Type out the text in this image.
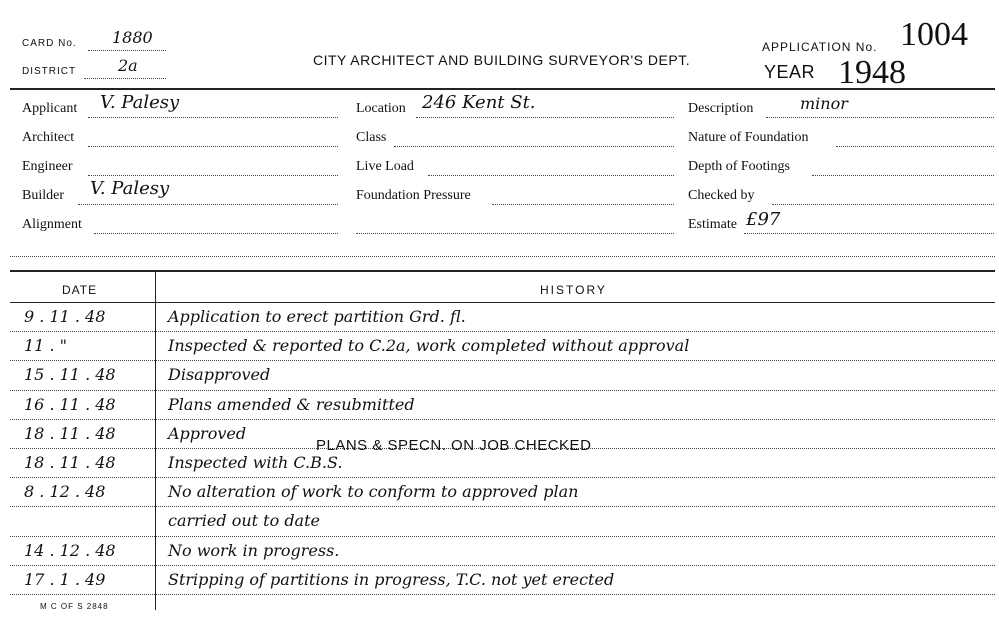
CARD No. 1880
DISTRICT	2a	CITY ARCHITECT AND BUILDING SURVEYOR'S DEPT.
APPLICATION No. 1004
YEAR 1948
Applicant V. Palesy
Architect
Engineer
Builder V. Palesy
Alignment
Location 246 Kent St.
Class
Live Load
Foundation Pressure
Description	minor
Nature of Foundation
Depth of Footings
Checked by
Estimate £97
DATE	HISTORY
9 . 11 . 48	Application to erect partition Grd. fl.
11 . "	Inspected & reported to C.2a, work completed without approval
15 . 11 . 48	Disapproved
16 . 11 . 48	Plans amended & resubmitted
18 . 11 . 48	Approved
18 . 11 . 48	Inspected with C.B.S.
8 . 12 . 48	No alteration of work to conform to approved plan
carried out to date
14 . 12 . 48	No work in progress.
17 . 1 . 49	Stripping of partitions in progress, T.C. not yet erected
PLANS & SPECN. ON JOB CHECKED
M C OF S 2848
